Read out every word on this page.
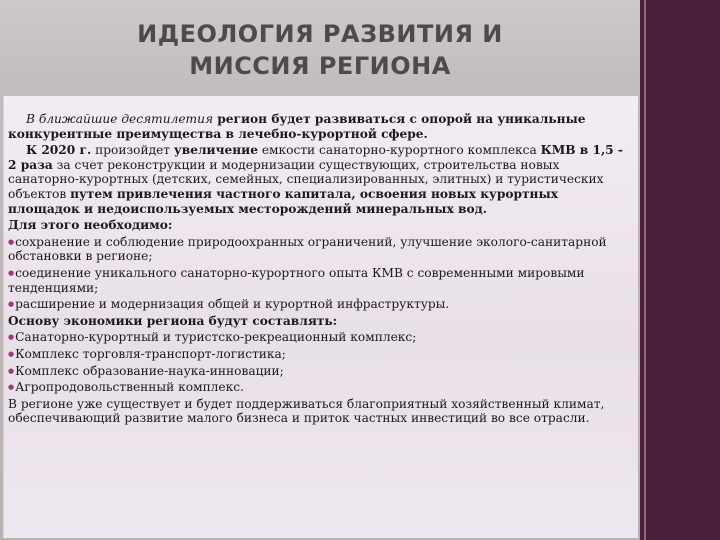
ИДЕОЛОГИЯ РАЗВИТИЯ И
МИССИЯ РЕГИОНА

В ближайшие десятилетия регион будет развиваться с опорой на уникальные конкурентные преимущества в лечебно-курортной сфере.

К 2020 г. произойдет увеличение емкости санаторно-курортного комплекса КМВ в 1,5 - 2 раза за счет реконструкции и модернизации существующих, строительства новых санаторно-курортных (детских, семейных, специализированных, элитных) и туристических объектов путем привлечения частного капитала, освоения новых курортных площадок и недоиспользуемых месторождений минеральных вод.

Для этого необходимо:

● сохранение и соблюдение природоохранных ограничений, улучшение эколого-санитарной обстановки в регионе;

● соединение уникального санаторно-курортного опыта КМВ с современными мировыми тенденциями;

● расширение и модернизация общей и курортной инфраструктуры.

Основу экономики региона будут составлять:

● Санаторно-курортный и туристско-рекреационный комплекс;

● Комплекс торговля-транспорт-логистика;

● Комплекс образование-наука-инновации;

● Агропродовольственный комплекс.

В регионе уже существует и будет поддерживаться благоприятный хозяйственный климат, обеспечивающий развитие малого бизнеса и приток частных инвестиций во все отрасли.
